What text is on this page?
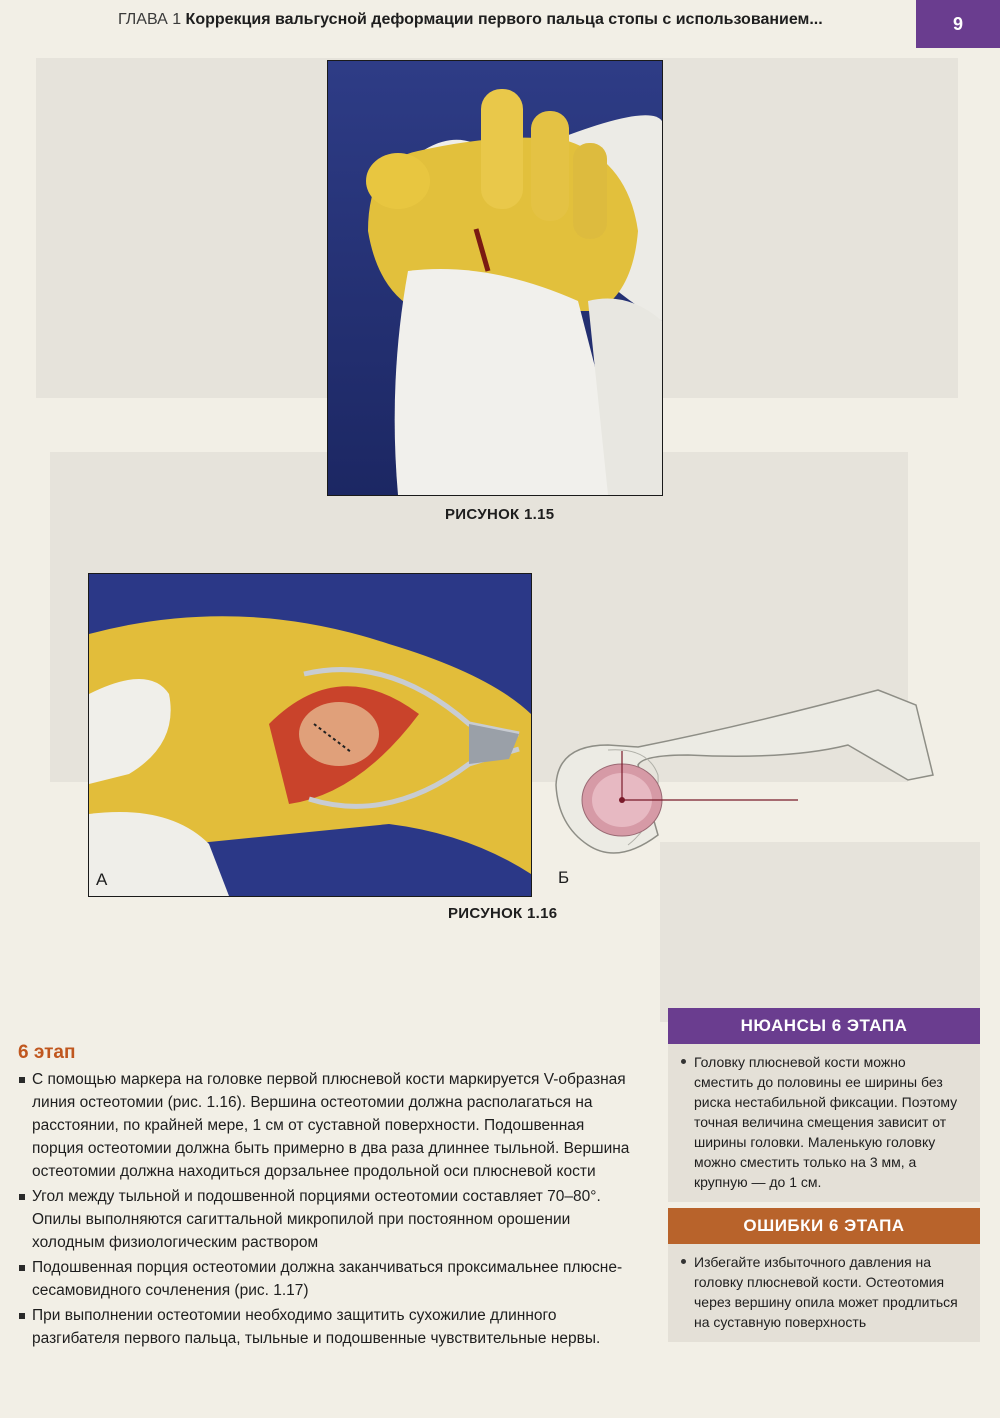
ГЛАВА 1 Коррекция вальгусной деформации первого пальца стопы с использованием...	9
РИСУНОК 1.15
А	Б
РИСУНОК 1.16
6 этап
С помощью маркера на головке первой плюсневой кости маркируется V-образная линия остеотомии (рис. 1.16). Вершина остеотомии должна располагаться на расстоянии, по крайней мере, 1 см от суставной поверхности. Подошвенная порция остеотомии должна быть примерно в два раза длиннее тыльной. Вершина остеотомии должна находиться дорзальнее продольной оси плюсневой кости
Угол между тыльной и подошвенной порциями остеотомии составляет 70–80°. Опилы выполняются сагиттальной микропилой при постоянном орошении холодным физиологическим раствором
Подошвенная порция остеотомии должна заканчиваться проксимальнее плюсне-сесамовидного сочленения (рис. 1.17)
При выполнении остеотомии необходимо защитить сухожилие длинного разгибателя первого пальца, тыльные и подошвенные чувствительные нервы.
НЮАНСЫ 6 ЭТАПА

Головку плюсневой кости можно сместить до половины ее ширины без риска нестабильной фиксации. Поэтому точная величина смещения зависит от ширины головки. Маленькую головку можно сместить только на 3 мм, а крупную — до 1 см.

ОШИБКИ 6 ЭТАПА

Избегайте избыточного давления на головку плюсневой кости. Остеотомия через вершину опила может продлиться на суставную поверхность
